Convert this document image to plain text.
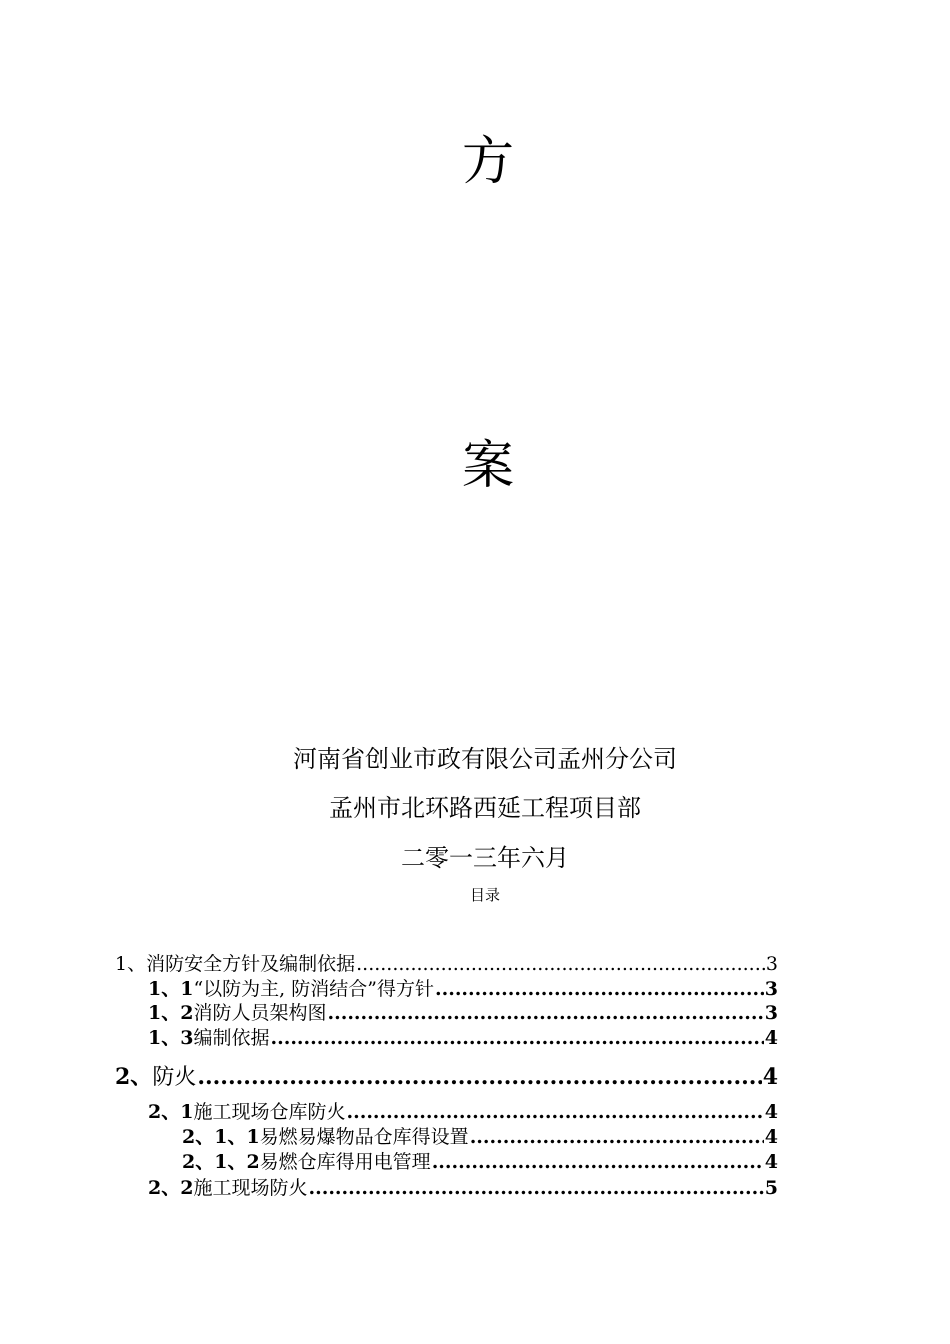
方
案
河南省创业市政有限公司孟州分公司
孟州市北环路西延工程项目部
二零一三年六月
目录
1、 消防安全方针及编制依据 .....	3
1、1 “以防为主, 防消结合”得方针 .....	3
1、2 消防人员架构图 .....	3
1、3 编制依据 .....	4
2、 防火 .....	4
2、1 施工现场仓库防火 .....	4
2、1、1 易燃易爆物品仓库得设置 .....	4
2、1、2 易燃仓库得用电管理 .....	4
2、2 施工现场防火 .....	5
